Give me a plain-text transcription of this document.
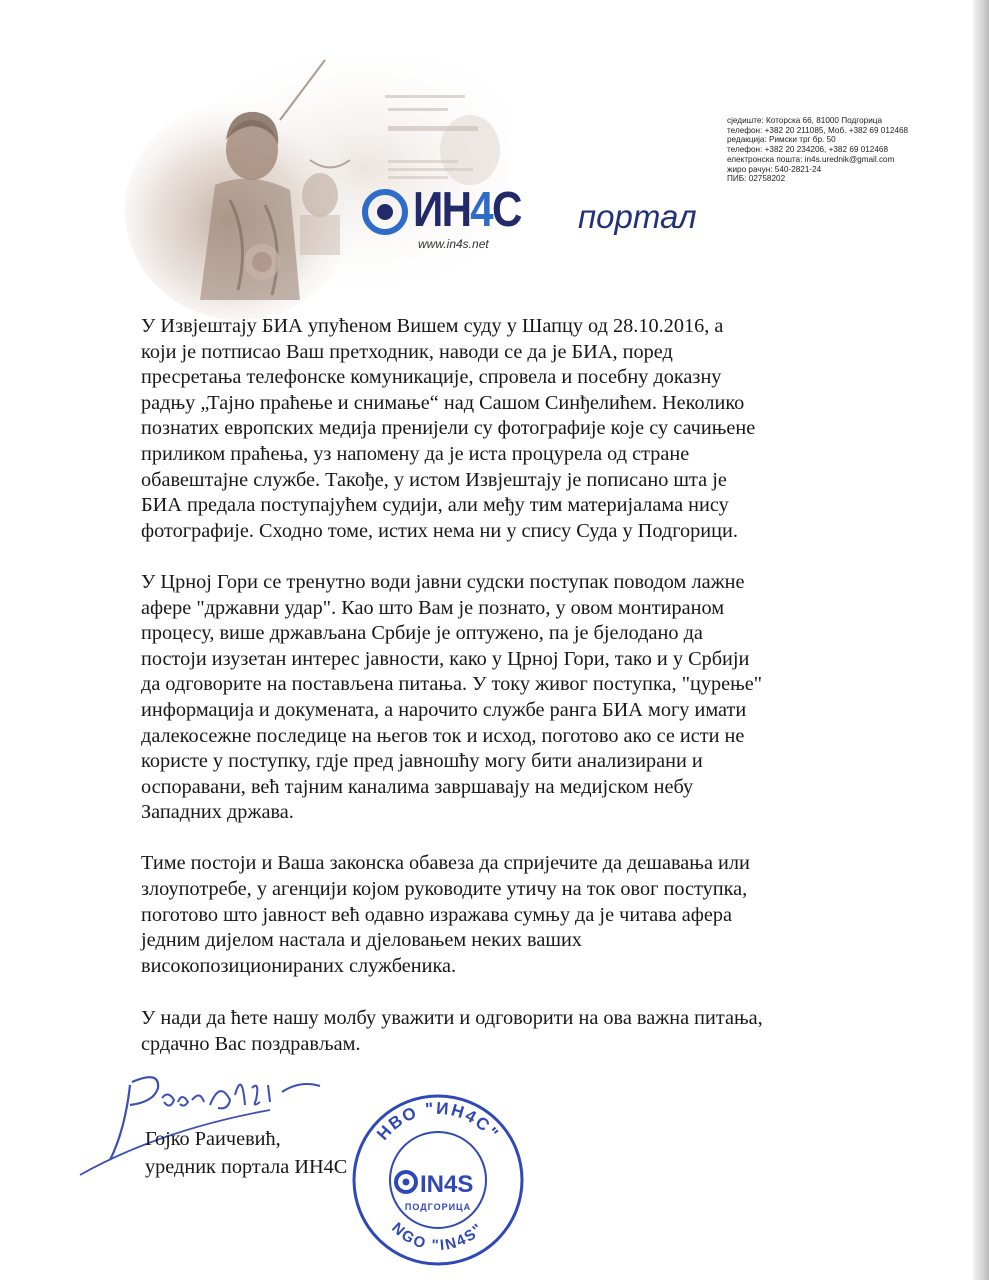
сједиште: Которска 66, 81000 Подгорица
телефон: +382 20 211085, Моб. +382 69 012468
редакција: Римски трг бр. 50
телефон: +382 20 234206, +382 69 012468
електронска пошта: in4s.urednik@gmail.com
жиро рачун: 540-2821-24
ПИБ: 02758202
ИН4С портал
www.in4s.net
У Извјештају БИА упућеном Вишем суду у Шапцу од 28.10.2016, а
који је потписао Ваш претходник, наводи се да је БИА, поред
пресретања телефонске комуникације, спровела и посебну доказну
радњу „Тајно праћење и снимање“ над Сашом Синђелићем. Неколико
познатих европских медија пренијели су фотографије које су сачињене
приликом праћења, уз напомену да је иста процурела од стране
обавештајне службе. Такође, у истом Извјештају је пописано шта је
БИА предала поступајућем судији, али међу тим материјалама нису
фотографије. Сходно томе, истих нема ни у спису Суда у Подгорици.
У Црној Гори се тренутно води јавни судски поступак поводом лажне
афере "државни удар". Као што Вам је познато, у овом монтираном
процесу, више држављана Србије је оптужено, па је бјелодано да
постоји изузетан интерес јавности, како у Црној Гори, тако и у Србији
да одговорите на постављена питања. У току живог поступка, "цурење"
информација и докумената, а нарочито службе ранга БИА могу имати
далекосежне последице на његов ток и исход, поготово ако се исти не
користе у поступку, гдје пред јавношћу могу бити анализирани и
оспоравани, већ тајним каналима завршавају на медијском небу
Западних држава.
Тиме постоји и Ваша законска обавеза да спријечите да дешавања или
злоупотребе, у агенцији којом руководите утичу на ток овог поступка,
поготово што јавност већ одавно изражава сумњу да је читава афера
једним дијелом настала и дјеловањем неких ваших
високопозиционираних службеника.
У нади да ћете нашу молбу уважити и одговорити на ова важна питања,
срдачно Вас поздрављам.
Гојко Раичевић,
уредник портала ИН4С
НВО "ИН4С"
NGO "IN4S"
IN4S
ПОДГОРИЦА
